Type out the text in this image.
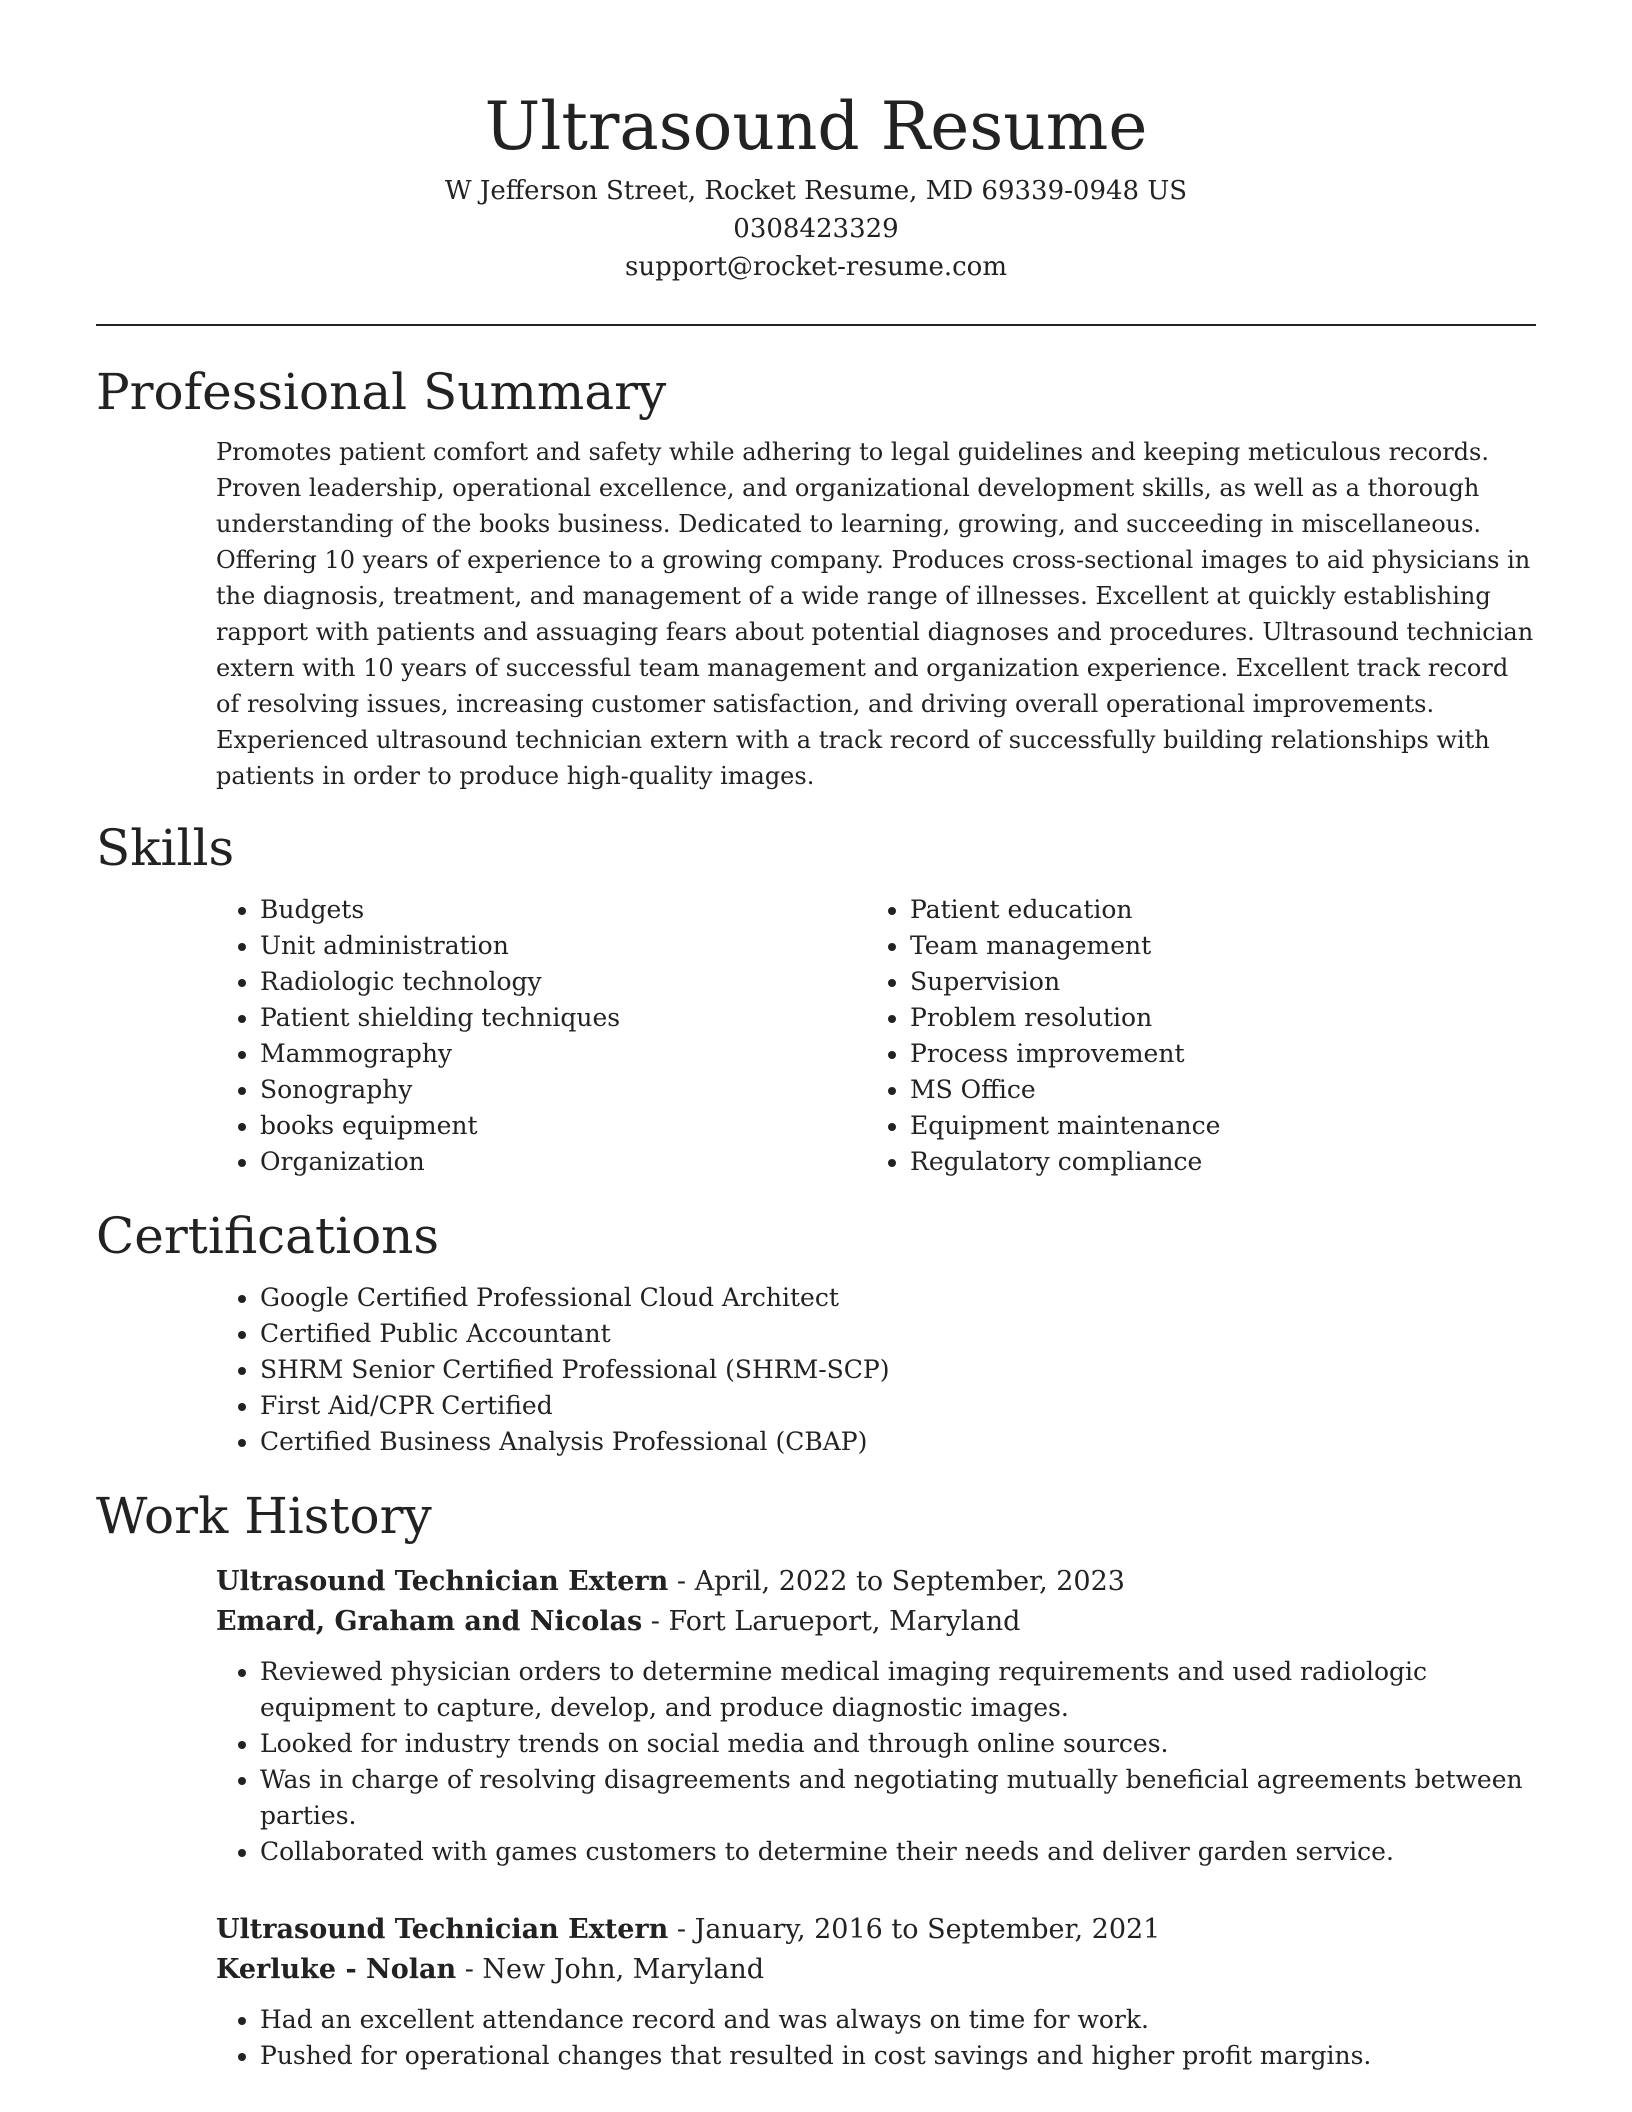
Ultrasound Resume
W Jefferson Street, Rocket Resume, MD 69339-0948 US
0308423329
support@rocket-resume.com
Professional Summary

Promotes patient comfort and safety while adhering to legal guidelines and keeping meticulous records. Proven leadership, operational excellence, and organizational development skills, as well as a thorough understanding of the books business. Dedicated to learning, growing, and succeeding in miscellaneous. Offering 10 years of experience to a growing company. Produces cross-sectional images to aid physicians in the diagnosis, treatment, and management of a wide range of illnesses. Excellent at quickly establishing rapport with patients and assuaging fears about potential diagnoses and procedures. Ultrasound technician extern with 10 years of successful team management and organization experience. Excellent track record of resolving issues, increasing customer satisfaction, and driving overall operational improvements. Experienced ultrasound technician extern with a track record of successfully building relationships with patients in order to produce high-quality images.

Skills
• Budgets
• Unit administration
• Radiologic technology
• Patient shielding techniques
• Mammography
• Sonography
• books equipment
• Organization
• Patient education
• Team management
• Supervision
• Problem resolution
• Process improvement
• MS Office
• Equipment maintenance
• Regulatory compliance
Certifications
• Google Certified Professional Cloud Architect
• Certified Public Accountant
• SHRM Senior Certified Professional (SHRM-SCP)
• First Aid/CPR Certified
• Certified Business Analysis Professional (CBAP)
Work History
Ultrasound Technician Extern - April, 2022 to September, 2023
Emard, Graham and Nicolas - Fort Larueport, Maryland
• Reviewed physician orders to determine medical imaging requirements and used radiologic equipment to capture, develop, and produce diagnostic images.
• Looked for industry trends on social media and through online sources.
• Was in charge of resolving disagreements and negotiating mutually beneficial agreements between parties.
• Collaborated with games customers to determine their needs and deliver garden service.
Ultrasound Technician Extern - January, 2016 to September, 2021
Kerluke - Nolan - New John, Maryland
• Had an excellent attendance record and was always on time for work.
• Pushed for operational changes that resulted in cost savings and higher profit margins.
